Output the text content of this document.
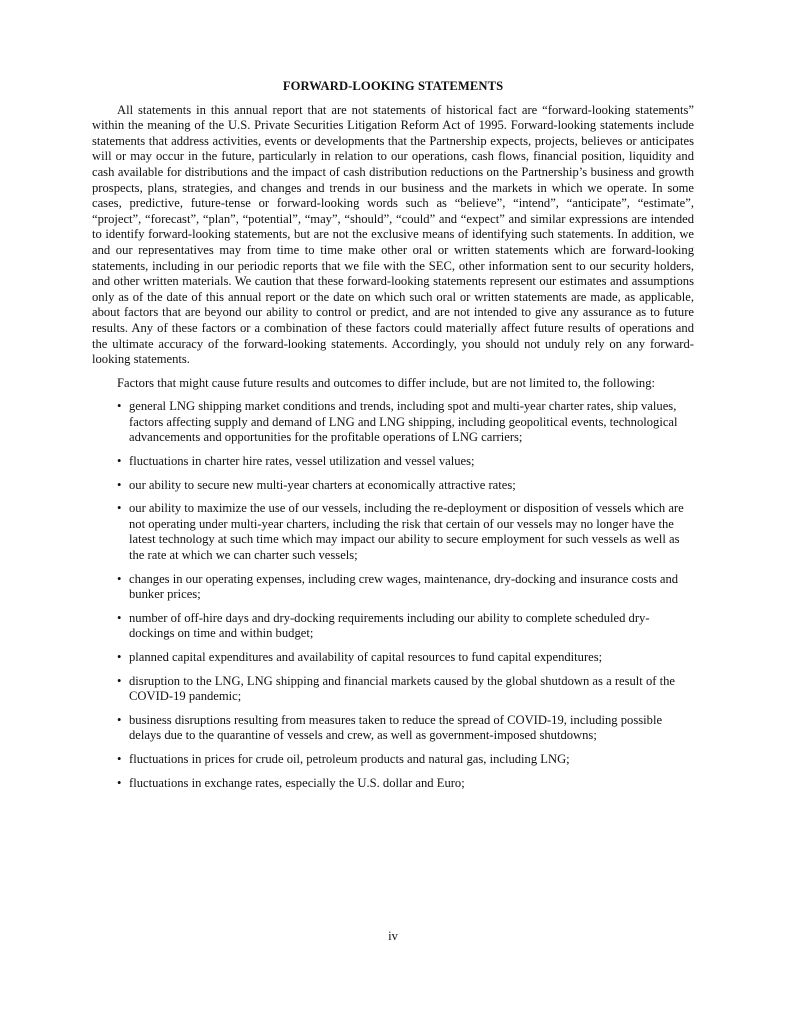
FORWARD-LOOKING STATEMENTS

All statements in this annual report that are not statements of historical fact are “forward-looking statements” within the meaning of the U.S. Private Securities Litigation Reform Act of 1995. Forward-looking statements include statements that address activities, events or developments that the Partnership expects, projects, believes or anticipates will or may occur in the future, particularly in relation to our operations, cash flows, financial position, liquidity and cash available for distributions and the impact of cash distribution reductions on the Partnership’s business and growth prospects, plans, strategies, and changes and trends in our business and the markets in which we operate. In some cases, predictive, future-tense or forward-looking words such as “believe”, “intend”, “anticipate”, “estimate”, “project”, “forecast”, “plan”, “potential”, “may”, “should”, “could” and “expect” and similar expressions are intended to identify forward-looking statements, but are not the exclusive means of identifying such statements. In addition, we and our representatives may from time to time make other oral or written statements which are forward-looking statements, including in our periodic reports that we file with the SEC, other information sent to our security holders, and other written materials. We caution that these forward-looking statements represent our estimates and assumptions only as of the date of this annual report or the date on which such oral or written statements are made, as applicable, about factors that are beyond our ability to control or predict, and are not intended to give any assurance as to future results. Any of these factors or a combination of these factors could materially affect future results of operations and the ultimate accuracy of the forward-looking statements. Accordingly, you should not unduly rely on any forward-looking statements.

Factors that might cause future results and outcomes to differ include, but are not limited to, the following:

• general LNG shipping market conditions and trends, including spot and multi-year charter rates, ship values, factors affecting supply and demand of LNG and LNG shipping, including geopolitical events, technological advancements and opportunities for the profitable operations of LNG carriers;
• fluctuations in charter hire rates, vessel utilization and vessel values;
• our ability to secure new multi-year charters at economically attractive rates;
• our ability to maximize the use of our vessels, including the re-deployment or disposition of vessels which are not operating under multi-year charters, including the risk that certain of our vessels may no longer have the latest technology at such time which may impact our ability to secure employment for such vessels as well as the rate at which we can charter such vessels;
• changes in our operating expenses, including crew wages, maintenance, dry-docking and insurance costs and bunker prices;
• number of off-hire days and dry-docking requirements including our ability to complete scheduled dry-dockings on time and within budget;
• planned capital expenditures and availability of capital resources to fund capital expenditures;
• disruption to the LNG, LNG shipping and financial markets caused by the global shutdown as a result of the COVID-19 pandemic;
• business disruptions resulting from measures taken to reduce the spread of COVID-19, including possible delays due to the quarantine of vessels and crew, as well as government-imposed shutdowns;
• fluctuations in prices for crude oil, petroleum products and natural gas, including LNG;
• fluctuations in exchange rates, especially the U.S. dollar and Euro;
iv
